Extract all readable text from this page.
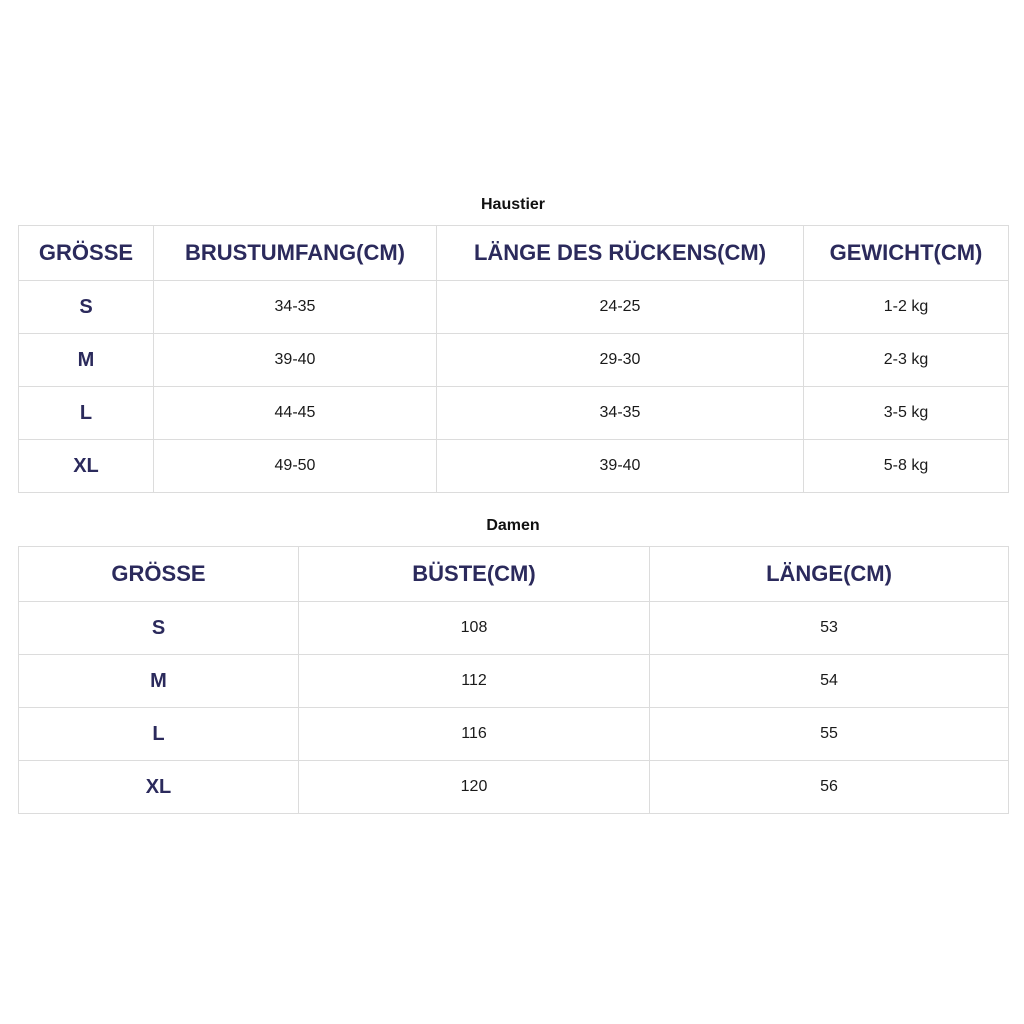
Haustier
GRÖSSE	BRUSTUMFANG(CM)	LÄNGE DES RÜCKENS(CM)	GEWICHT(CM)
S	34-35	24-25	1-2 kg
M	39-40	29-30	2-3 kg
L	44-45	34-35	3-5 kg
XL	49-50	39-40	5-8 kg
Damen
GRÖSSE	BÜSTE(CM)	LÄNGE(CM)
S	108	53
M	112	54
L	116	55
XL	120	56
